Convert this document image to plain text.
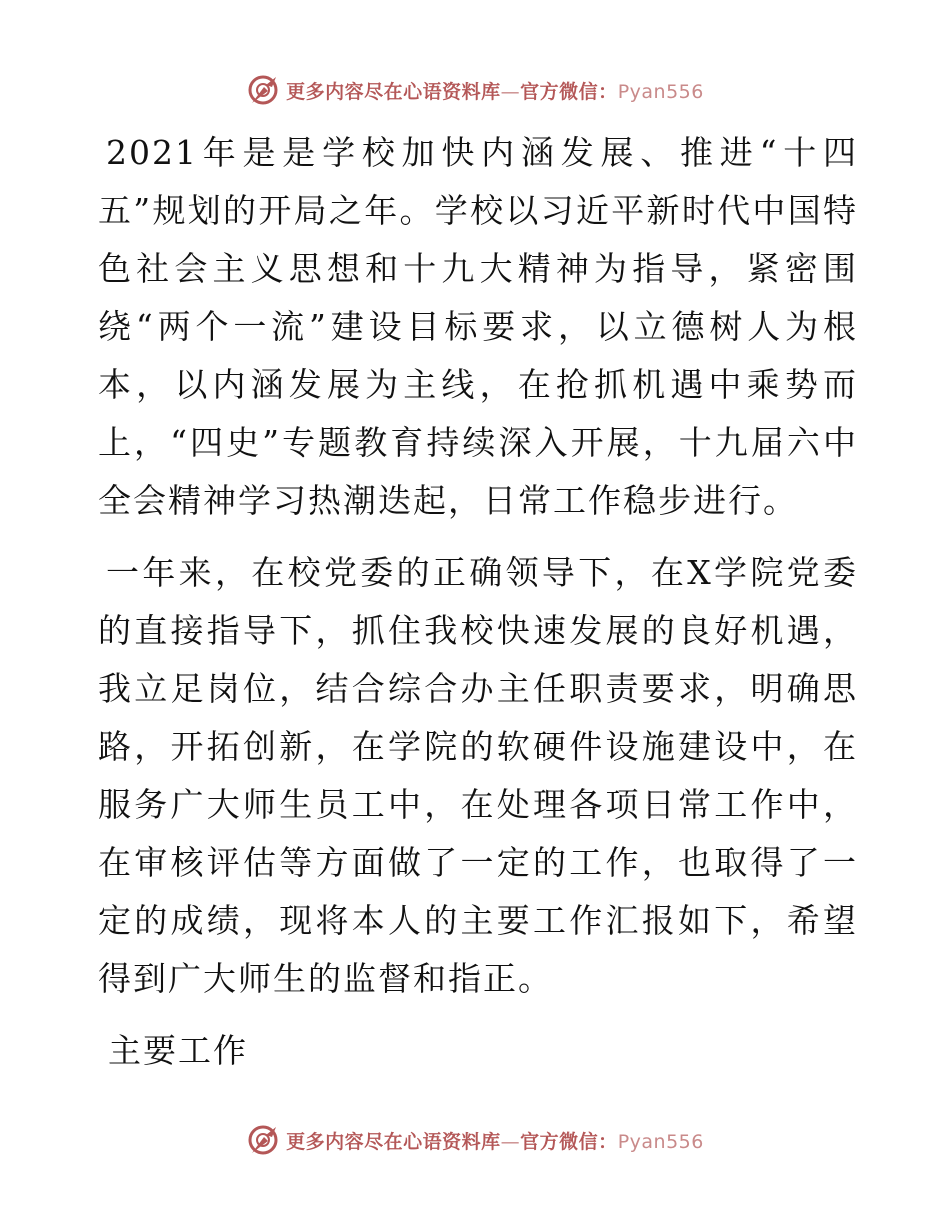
更多内容尽在心语资料库—官方微信：Pyan556

2021年是是学校加快内涵发展、推进“十四五”规划的开局之年。学校以习近平新时代中国特色社会主义思想和十九大精神为指导，紧密围绕“两个一流”建设目标要求，以立德树人为根本，以内涵发展为主线，在抢抓机遇中乘势而上，“四史”专题教育持续深入开展，十九届六中全会精神学习热潮迭起，日常工作稳步进行。

一年来，在校党委的正确领导下，在X学院党委的直接指导下，抓住我校快速发展的良好机遇，我立足岗位，结合综合办主任职责要求，明确思路，开拓创新，在学院的软硬件设施建设中，在服务广大师生员工中，在处理各项日常工作中，在审核评估等方面做了一定的工作，也取得了一定的成绩，现将本人的主要工作汇报如下，希望得到广大师生的监督和指正。

主要工作
更多内容尽在心语资料库—官方微信：Pyan556
